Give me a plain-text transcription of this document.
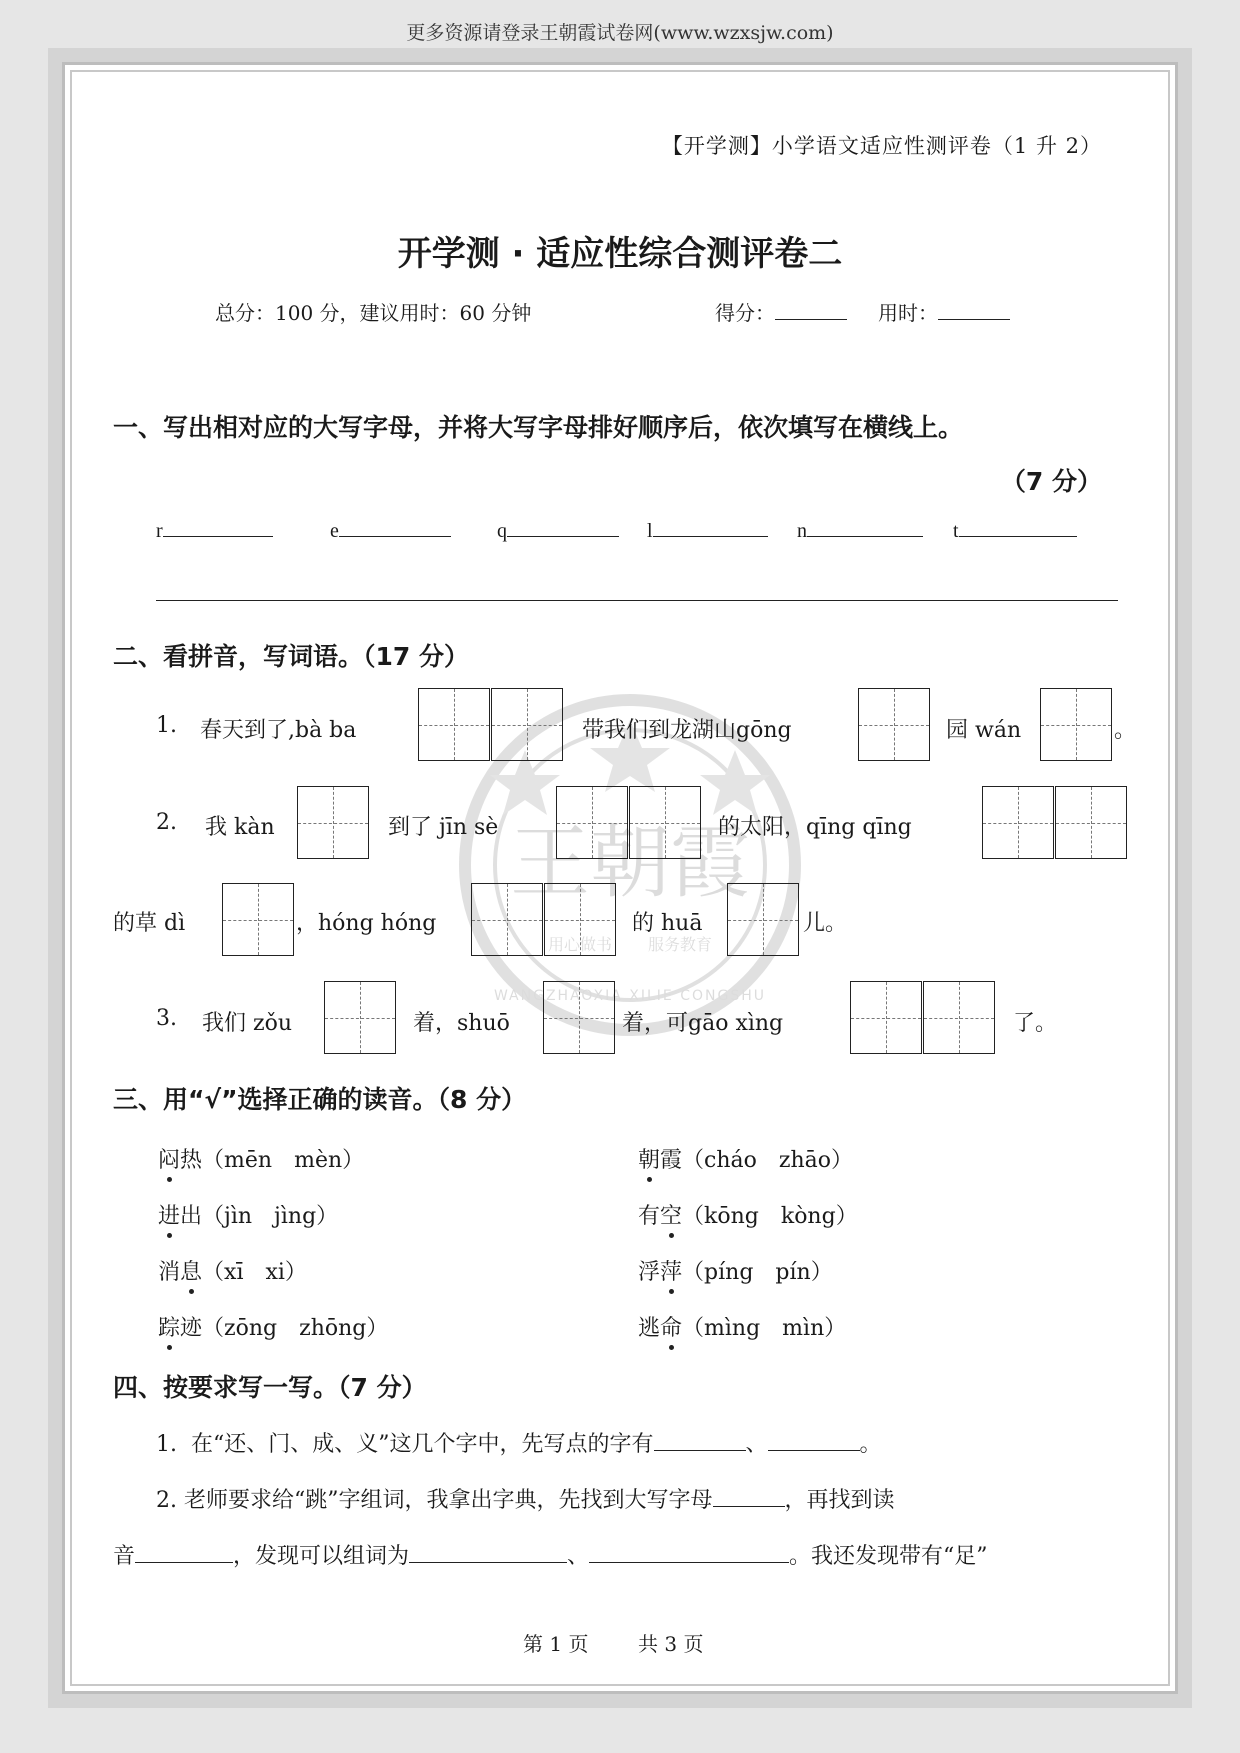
更多资源请登录王朝霞试卷网(www.wzxsjw.com)
王朝霞
用心做书 服务教育
WANGZHAOXIA XILIE CONGSHU
【开学测】小学语文适应性测评卷（1 升 2）
开学测 · 适应性综合测评卷二
总分：100 分，建议用时：60 分钟	得分：	用时：
一、写出相对应的大写字母，并将大写字母排好顺序后，依次填写在横线上。
（7 分）
r	e	q	l	n	t
二、看拼音，写词语。（17 分）
1. 春天到了,bà ba	带我们到龙湖山gōng	园 wán	。
2. 我 kàn	到了 jīn sè	的太阳，qīng qīng
的草 dì	，hóng hóng	的 huā	儿。
3. 我们 zǒu	着，shuō	着，可gāo xìng	了。
三、用“√”选择正确的读音。（8 分）
闷热（mēn　mèn）	朝霞（cháo　zhāo）
进出（jìn　jìng）	有空（kōng　kòng）
消息（xī　xi）	浮萍（píng　pín）
踪迹（zōng　zhōng）	逃命（mìng　mìn）
四、按要求写一写。（7 分）
1. 在“还、门、成、义”这几个字中，先写点的字有	、	。
2. 老师要求给“跳”字组词，我拿出字典，先找到大写字母	，再找到读
音	，发现可以组词为	、	。我还发现带有“足”
第 1 页 共 3 页
